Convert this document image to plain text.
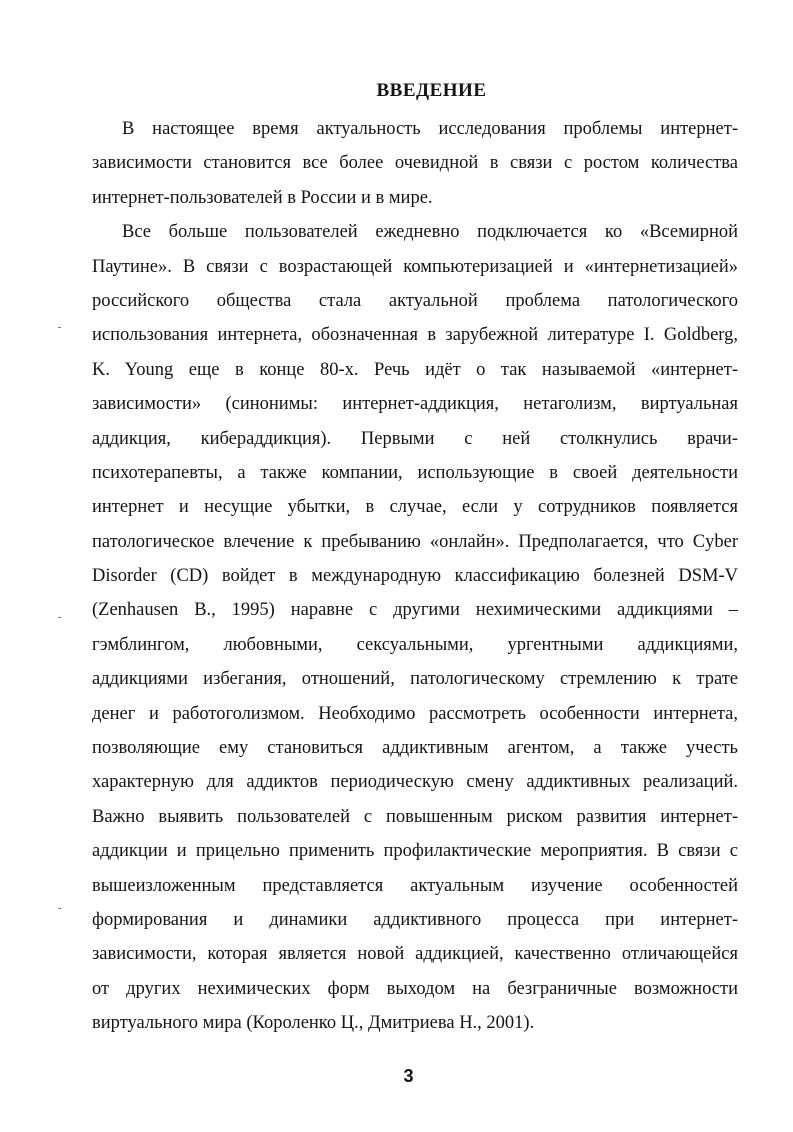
ВВЕДЕНИЕ
В настоящее время актуальность исследования проблемы интернет-
зависимости становится все более очевидной в связи с ростом количества
интернет-пользователей в России и в мире.
Все больше пользователей ежедневно подключается ко «Всемирной
Паутине». В связи с возрастающей компьютеризацией и «интернетизацией»
российского общества стала актуальной проблема патологического
использования интернета, обозначенная в зарубежной литературе I. Goldberg,
K. Young еще в конце 80-х. Речь идёт о так называемой «интернет-
зависимости» (синонимы: интернет-аддикция, нетаголизм, виртуальная
аддикция, кибераддикция). Первыми с ней столкнулись врачи-
психотерапевты, а также компании, использующие в своей деятельности
интернет и несущие убытки, в случае, если у сотрудников появляется
патологическое влечение к пребыванию «онлайн». Предполагается, что Cyber
Disorder (CD) войдет в международную классификацию болезней DSM-V
(Zenhausen B., 1995) наравне с другими нехимическими аддикциями –
гэмблингом, любовными, сексуальными, ургентными аддикциями,
аддикциями избегания, отношений, патологическому стремлению к трате
денег и работоголизмом. Необходимо рассмотреть особенности интернета,
позволяющие ему становиться аддиктивным агентом, а также учесть
характерную для аддиктов периодическую смену аддиктивных реализаций.
Важно выявить пользователей с повышенным риском развития интернет-
аддикции и прицельно применить профилактические мероприятия. В связи с
вышеизложенным представляется актуальным изучение особенностей
формирования и динамики аддиктивного процесса при интернет-
зависимости, которая является новой аддикцией, качественно отличающейся
от других нехимических форм выходом на безграничные возможности
виртуального мира (Короленко Ц., Дмитриева Н., 2001).
3
